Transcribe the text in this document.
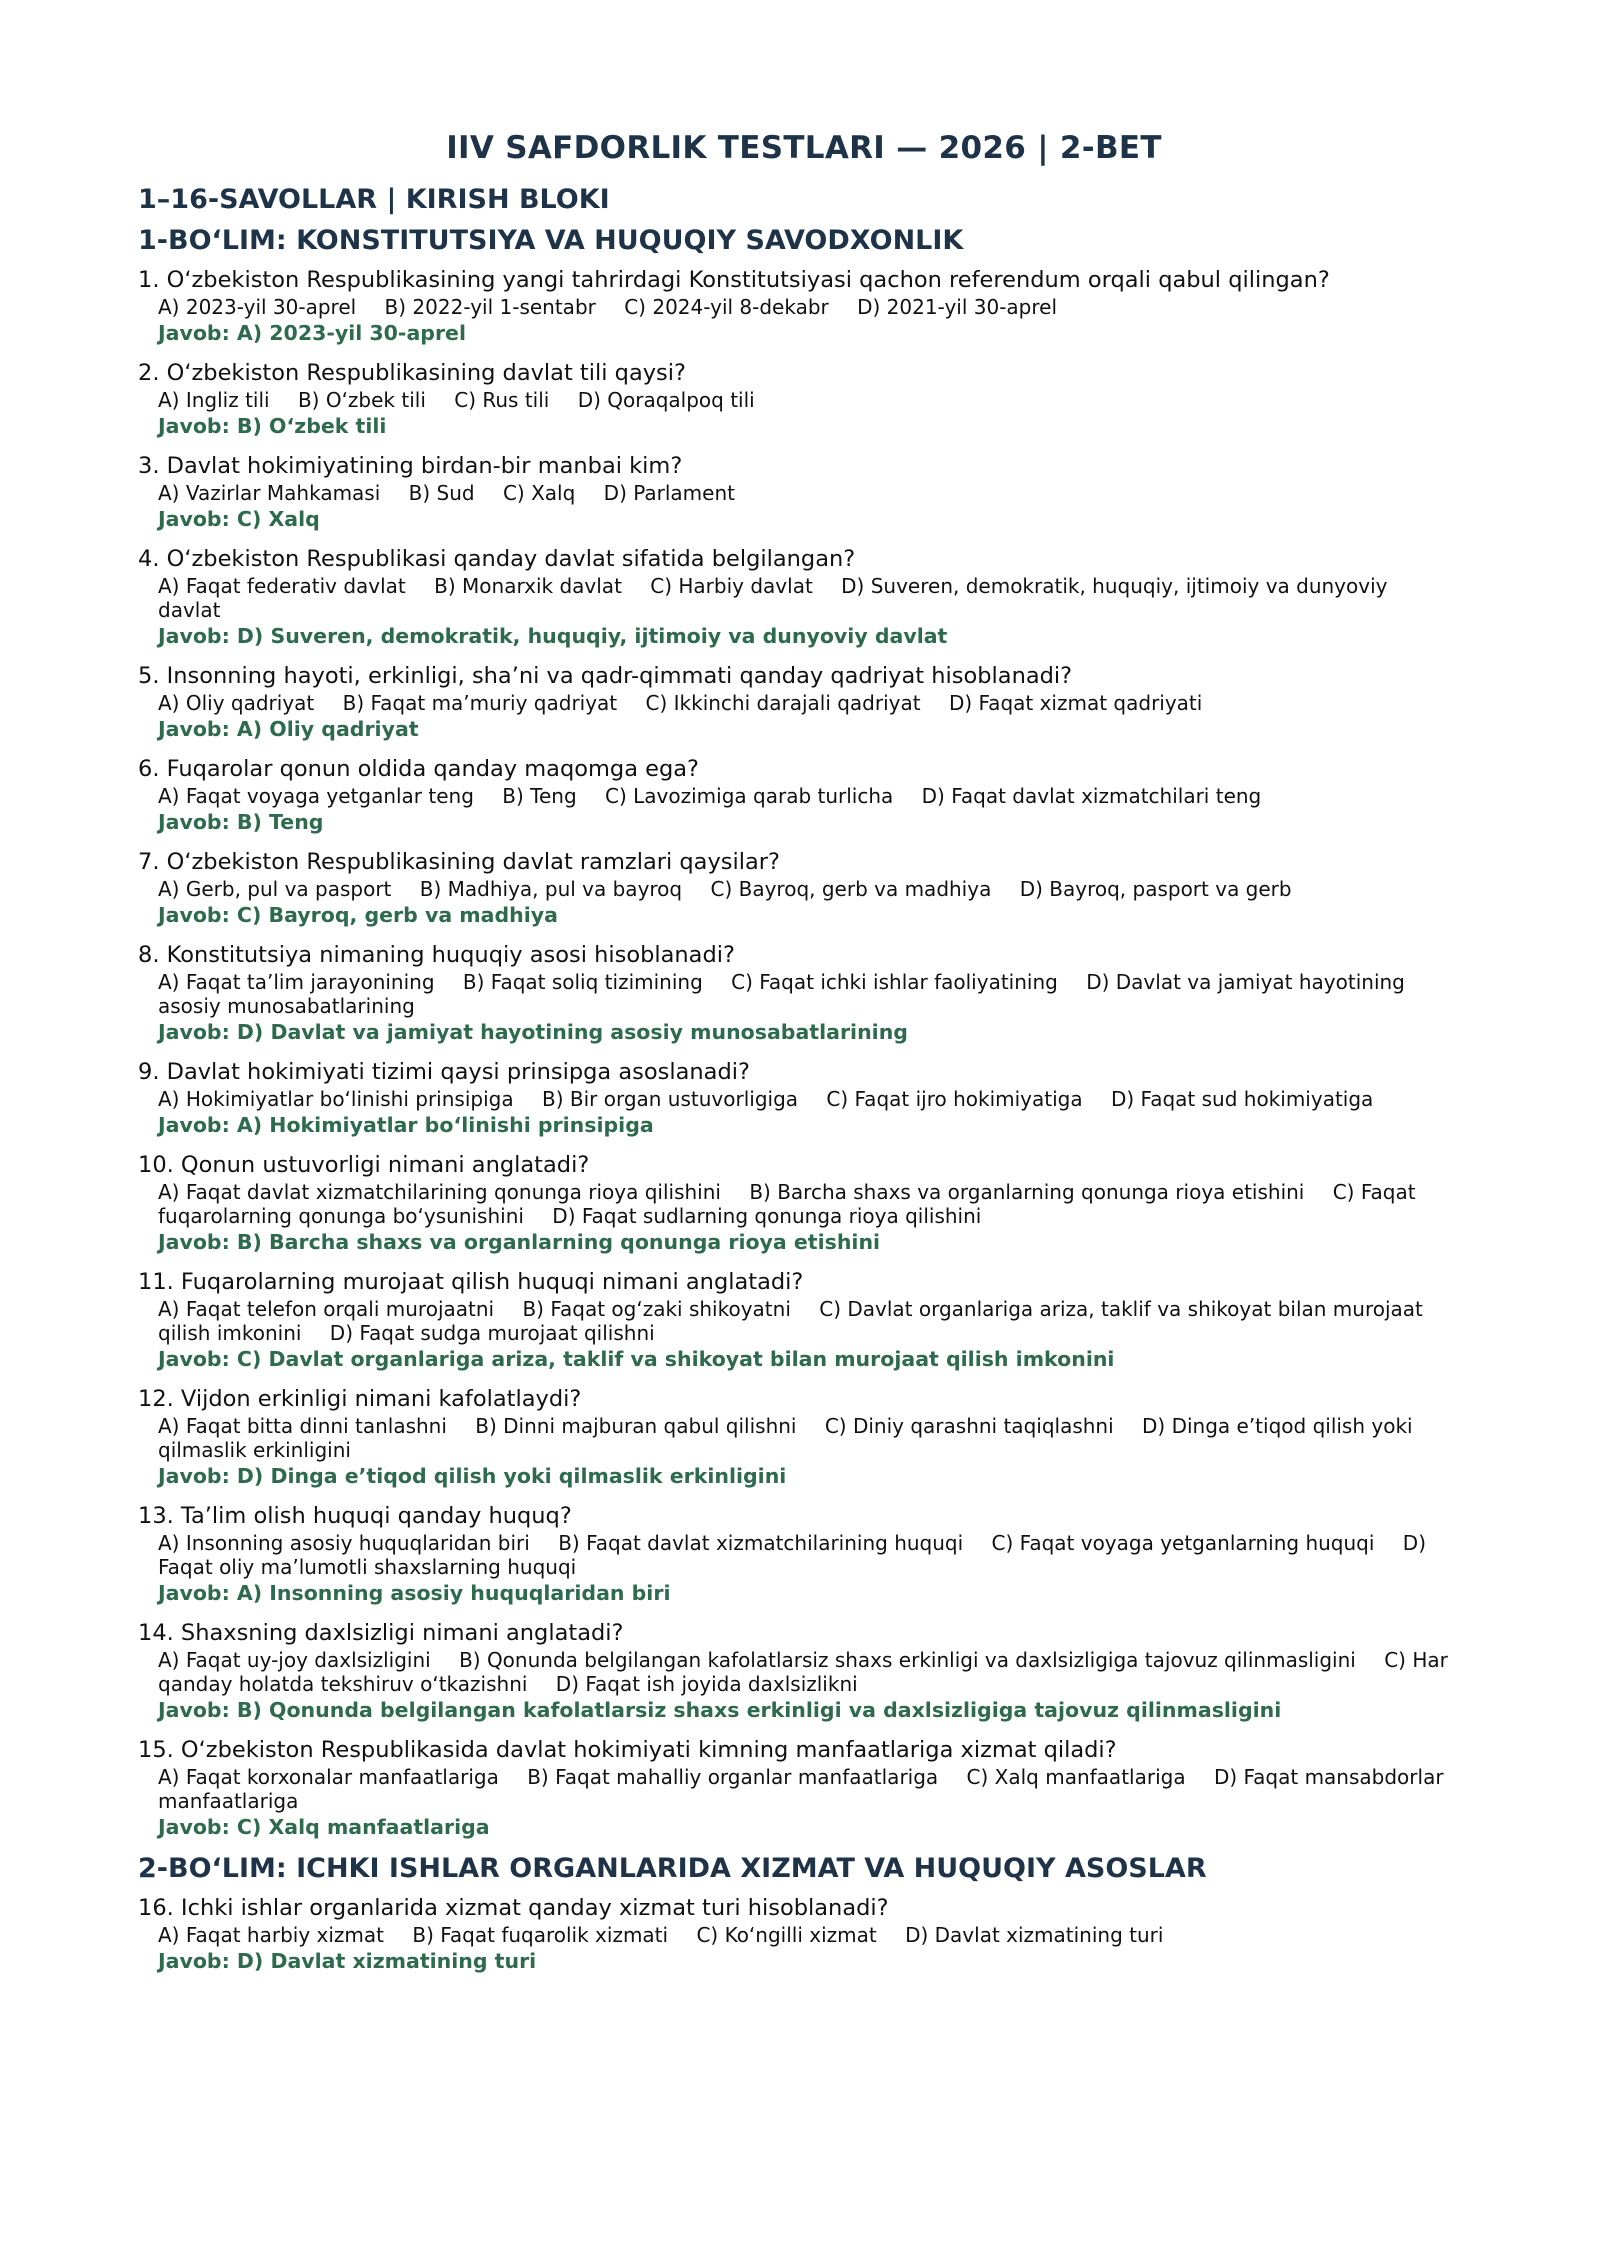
IIV SAFDORLIK TESTLARI — 2026 | 2-BET
1–16-SAVOLLAR | KIRISH BLOKI
1-BO‘LIM: KONSTITUTSIYA VA HUQUQIY SAVODXONLIK
1. O‘zbekiston Respublikasining yangi tahrirdagi Konstitutsiyasi qachon referendum orqali qabul qilingan?
A) 2023-yil 30-aprel B) 2022-yil 1-sentabr C) 2024-yil 8-dekabr D) 2021-yil 30-aprel
Javob: A) 2023-yil 30-aprel
2. O‘zbekiston Respublikasining davlat tili qaysi?
A) Ingliz tili B) O‘zbek tili C) Rus tili D) Qoraqalpoq tili
Javob: B) O‘zbek tili
3. Davlat hokimiyatining birdan-bir manbai kim?
A) Vazirlar Mahkamasi B) Sud C) Xalq D) Parlament
Javob: C) Xalq
4. O‘zbekiston Respublikasi qanday davlat sifatida belgilangan?
A) Faqat federativ davlat B) Monarxik davlat C) Harbiy davlat D) Suveren, demokratik, huquqiy, ijtimoiy va dunyoviy davlat
Javob: D) Suveren, demokratik, huquqiy, ijtimoiy va dunyoviy davlat
5. Insonning hayoti, erkinligi, sha’ni va qadr-qimmati qanday qadriyat hisoblanadi?
A) Oliy qadriyat B) Faqat ma’muriy qadriyat C) Ikkinchi darajali qadriyat D) Faqat xizmat qadriyati
Javob: A) Oliy qadriyat
6. Fuqarolar qonun oldida qanday maqomga ega?
A) Faqat voyaga yetganlar teng B) Teng C) Lavozimiga qarab turlicha D) Faqat davlat xizmatchilari teng
Javob: B) Teng
7. O‘zbekiston Respublikasining davlat ramzlari qaysilar?
A) Gerb, pul va pasport B) Madhiya, pul va bayroq C) Bayroq, gerb va madhiya D) Bayroq, pasport va gerb
Javob: C) Bayroq, gerb va madhiya
8. Konstitutsiya nimaning huquqiy asosi hisoblanadi?
A) Faqat ta’lim jarayonining B) Faqat soliq tizimining C) Faqat ichki ishlar faoliyatining D) Davlat va jamiyat hayotining asosiy munosabatlarining
Javob: D) Davlat va jamiyat hayotining asosiy munosabatlarining
9. Davlat hokimiyati tizimi qaysi prinsipga asoslanadi?
A) Hokimiyatlar bo‘linishi prinsipiga B) Bir organ ustuvorligiga C) Faqat ijro hokimiyatiga D) Faqat sud hokimiyatiga
Javob: A) Hokimiyatlar bo‘linishi prinsipiga
10. Qonun ustuvorligi nimani anglatadi?
A) Faqat davlat xizmatchilarining qonunga rioya qilishini B) Barcha shaxs va organlarning qonunga rioya etishini C) Faqat fuqarolarning qonunga bo‘ysunishini D) Faqat sudlarning qonunga rioya qilishini
Javob: B) Barcha shaxs va organlarning qonunga rioya etishini
11. Fuqarolarning murojaat qilish huquqi nimani anglatadi?
A) Faqat telefon orqali murojaatni B) Faqat og‘zaki shikoyatni C) Davlat organlariga ariza, taklif va shikoyat bilan murojaat qilish imkonini D) Faqat sudga murojaat qilishni
Javob: C) Davlat organlariga ariza, taklif va shikoyat bilan murojaat qilish imkonini
12. Vijdon erkinligi nimani kafolatlaydi?
A) Faqat bitta dinni tanlashni B) Dinni majburan qabul qilishni C) Diniy qarashni taqiqlashni D) Dinga e’tiqod qilish yoki qilmaslik erkinligini
Javob: D) Dinga e’tiqod qilish yoki qilmaslik erkinligini
13. Ta’lim olish huquqi qanday huquq?
A) Insonning asosiy huquqlaridan biri B) Faqat davlat xizmatchilarining huquqi C) Faqat voyaga yetganlarning huquqi D) Faqat oliy ma’lumotli shaxslarning huquqi
Javob: A) Insonning asosiy huquqlaridan biri
14. Shaxsning daxlsizligi nimani anglatadi?
A) Faqat uy-joy daxlsizligini B) Qonunda belgilangan kafolatlarsiz shaxs erkinligi va daxlsizligiga tajovuz qilinmasligini C) Har qanday holatda tekshiruv o‘tkazishni D) Faqat ish joyida daxlsizlikni
Javob: B) Qonunda belgilangan kafolatlarsiz shaxs erkinligi va daxlsizligiga tajovuz qilinmasligini
15. O‘zbekiston Respublikasida davlat hokimiyati kimning manfaatlariga xizmat qiladi?
A) Faqat korxonalar manfaatlariga B) Faqat mahalliy organlar manfaatlariga C) Xalq manfaatlariga D) Faqat mansabdorlar manfaatlariga
Javob: C) Xalq manfaatlariga
2-BO‘LIM: ICHKI ISHLAR ORGANLARIDA XIZMAT VA HUQUQIY ASOSLAR
16. Ichki ishlar organlarida xizmat qanday xizmat turi hisoblanadi?
A) Faqat harbiy xizmat B) Faqat fuqarolik xizmati C) Ko‘ngilli xizmat D) Davlat xizmatining turi
Javob: D) Davlat xizmatining turi
